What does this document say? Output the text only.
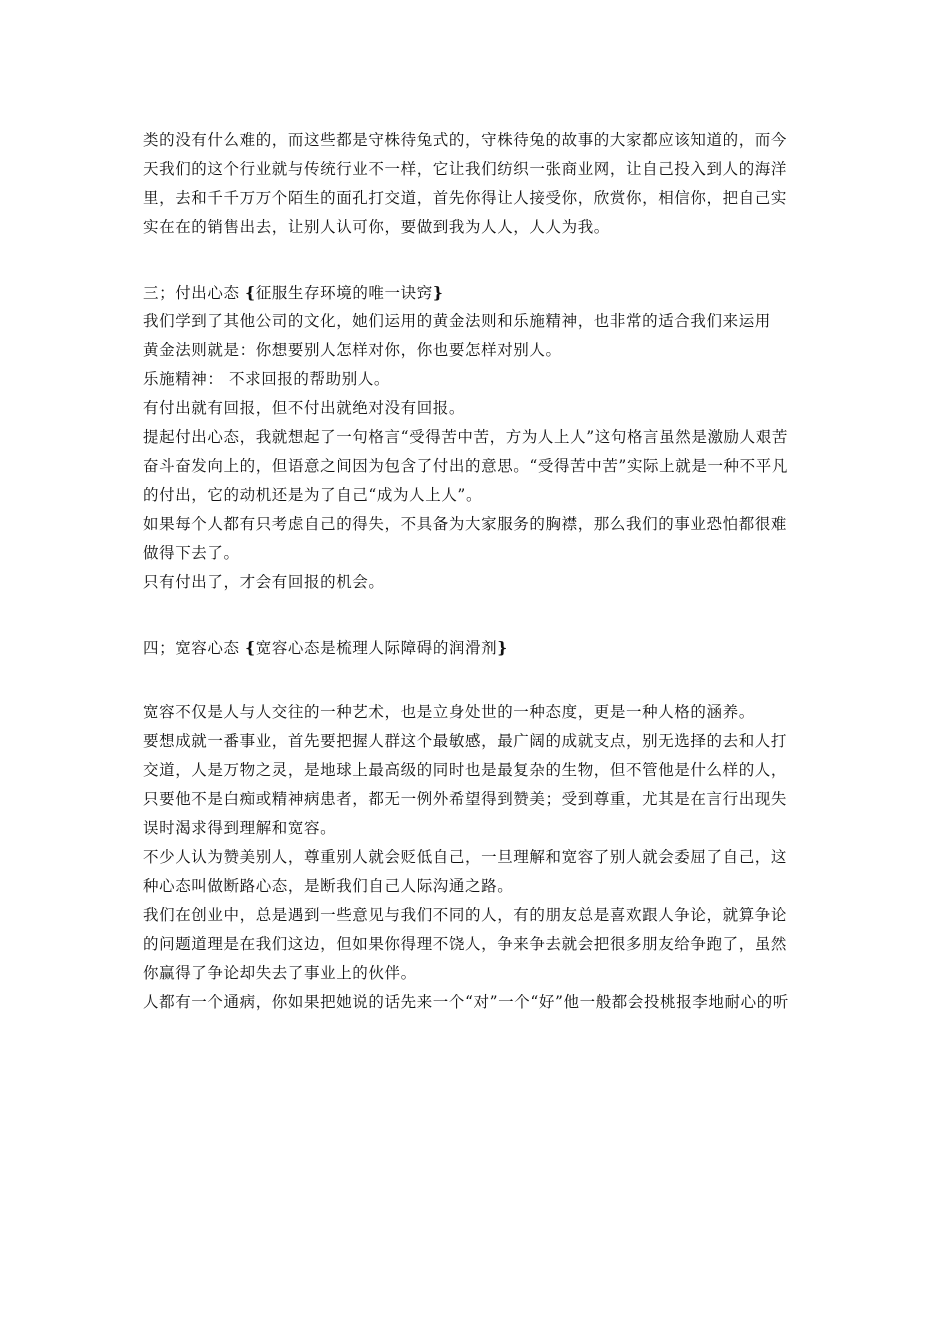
类的没有什么难的，而这些都是守株待兔式的，守株待兔的故事的大家都应该知道的，而今
天我们的这个行业就与传统行业不一样，它让我们纺织一张商业网，让自己投入到人的海洋
里，去和千千万万个陌生的面孔打交道，首先你得让人接受你，欣赏你，相信你，把自己实
实在在的销售出去，让别人认可你，要做到我为人人，人人为我。
三；付出心态 {征服生存环境的唯一诀窍}
我们学到了其他公司的文化，她们运用的黄金法则和乐施精神，也非常的适合我们来运用
黄金法则就是：你想要别人怎样对你，你也要怎样对别人。
乐施精神： 不求回报的帮助别人。
有付出就有回报，但不付出就绝对没有回报。
提起付出心态，我就想起了一句格言“受得苦中苦，方为人上人”这句格言虽然是激励人艰苦
奋斗奋发向上的，但语意之间因为包含了付出的意思。“受得苦中苦”实际上就是一种不平凡
的付出，它的动机还是为了自己“成为人上人”。
如果每个人都有只考虑自己的得失，不具备为大家服务的胸襟，那么我们的事业恐怕都很难
做得下去了。
只有付出了，才会有回报的机会。
四；宽容心态 {宽容心态是梳理人际障碍的润滑剂}
宽容不仅是人与人交往的一种艺术，也是立身处世的一种态度，更是一种人格的涵养。
要想成就一番事业，首先要把握人群这个最敏感，最广阔的成就支点，别无选择的去和人打
交道，人是万物之灵，是地球上最高级的同时也是最复杂的生物，但不管他是什么样的人，
只要他不是白痴或精神病患者，都无一例外希望得到赞美；受到尊重，尤其是在言行出现失
误时渴求得到理解和宽容。
不少人认为赞美别人，尊重别人就会贬低自己，一旦理解和宽容了别人就会委屈了自己，这
种心态叫做断路心态，是断我们自己人际沟通之路。
我们在创业中，总是遇到一些意见与我们不同的人，有的朋友总是喜欢跟人争论，就算争论
的问题道理是在我们这边，但如果你得理不饶人，争来争去就会把很多朋友给争跑了，虽然
你赢得了争论却失去了事业上的伙伴。
人都有一个通病，你如果把她说的话先来一个“对”一个“好”他一般都会投桃报李地耐心的听
